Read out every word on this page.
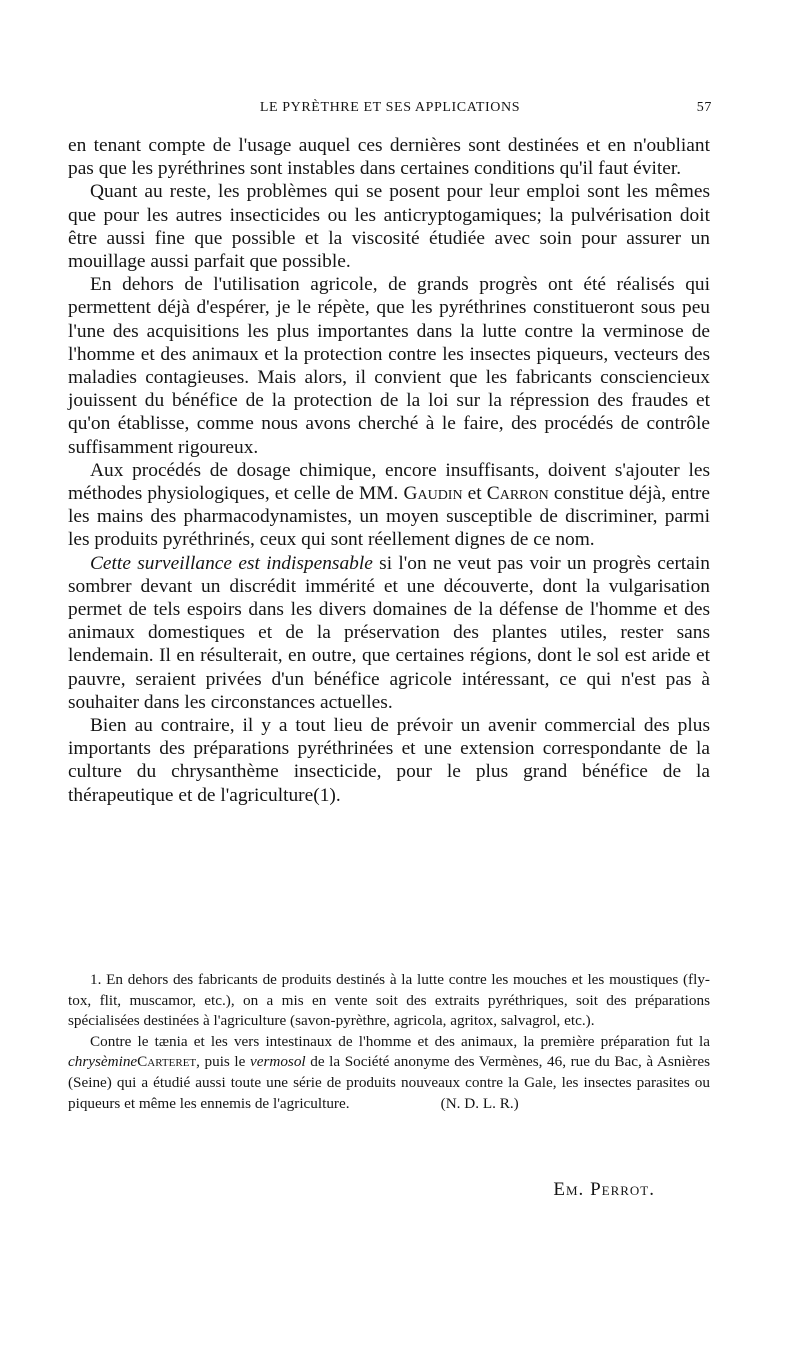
LE PYRÈTHRE ET SES APPLICATIONS	57

en tenant compte de l'usage auquel ces dernières sont destinées et en n'oubliant pas que les pyréthrines sont instables dans certaines conditions qu'il faut éviter.

Quant au reste, les problèmes qui se posent pour leur emploi sont les mêmes que pour les autres insecticides ou les anticryptogamiques; la pulvérisation doit être aussi fine que possible et la viscosité étudiée avec soin pour assurer un mouillage aussi parfait que possible.

En dehors de l'utilisation agricole, de grands progrès ont été réalisés qui permettent déjà d'espérer, je le répète, que les pyréthrines constitueront sous peu l'une des acquisitions les plus importantes dans la lutte contre la verminose de l'homme et des animaux et la protection contre les insectes piqueurs, vecteurs des maladies contagieuses. Mais alors, il convient que les fabricants consciencieux jouissent du bénéfice de la protection de la loi sur la répression des fraudes et qu'on établisse, comme nous avons cherché à le faire, des procédés de contrôle suffisamment rigoureux.

Aux procédés de dosage chimique, encore insuffisants, doivent s'ajouter les méthodes physiologiques, et celle de MM. Gaudin et Carron constitue déjà, entre les mains des pharmacodynamistes, un moyen susceptible de discriminer, parmi les produits pyréthrinés, ceux qui sont réellement dignes de ce nom.

Cette surveillance est indispensable si l'on ne veut pas voir un progrès certain sombrer devant un discrédit immérité et une découverte, dont la vulgarisation permet de tels espoirs dans les divers domaines de la défense de l'homme et des animaux domestiques et de la préservation des plantes utiles, rester sans lendemain. Il en résulterait, en outre, que certaines régions, dont le sol est aride et pauvre, seraient privées d'un bénéfice agricole intéressant, ce qui n'est pas à souhaiter dans les circonstances actuelles.

Bien au contraire, il y a tout lieu de prévoir un avenir commercial des plus importants des préparations pyréthrinées et une extension correspondante de la culture du chrysanthème insecticide, pour le plus grand bénéfice de la thérapeutique et de l'agriculture(1).

1. En dehors des fabricants de produits destinés à la lutte contre les mouches et les moustiques (fly-tox, flit, muscamor, etc.), on a mis en vente soit des extraits pyréthriques, soit des préparations spécialisées destinées à l'agriculture (savon-pyrèthre, agricola, agritox, salvagrol, etc.).

Contre le tænia et les vers intestinaux de l'homme et des animaux, la première préparation fut la chrysèmineCarteret, puis le vermosol de la Société anonyme des Vermènes, 46, rue du Bac, à Asnières (Seine) qui a étudié aussi toute une série de produits nouveaux contre la Gale, les insectes parasites ou piqueurs et même les ennemis de l'agriculture.	(N. D. L. R.)

Em. Perrot.
